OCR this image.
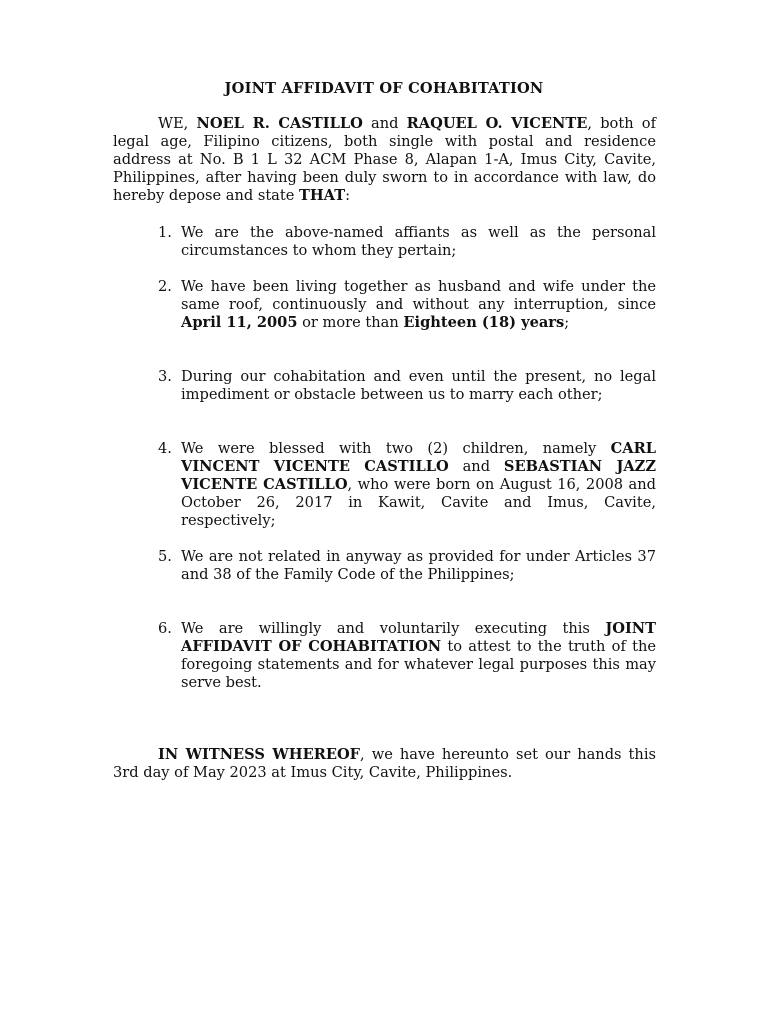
JOINT AFFIDAVIT OF COHABITATION
WE, NOEL R. CASTILLO and RAQUEL O. VICENTE, both of legal age, Filipino citizens, both single with postal and residence address at No. B 1 L 32 ACM Phase 8, Alapan 1-A, Imus City, Cavite, Philippines, after having been duly sworn to in accordance with law, do hereby depose and state THAT:
1. We are the above-named affiants as well as the personal circumstances to whom they pertain;
2. We have been living together as husband and wife under the same roof, continuously and without any interruption, since April 11, 2005 or more than Eighteen (18) years;
3. During our cohabitation and even until the present, no legal impediment or obstacle between us to marry each other;
4. We were blessed with two (2) children, namely CARL VINCENT VICENTE CASTILLO and SEBASTIAN JAZZ VICENTE CASTILLO, who were born on August 16, 2008 and October 26, 2017 in Kawit, Cavite and Imus, Cavite, respectively;
5. We are not related in anyway as provided for under Articles 37 and 38 of the Family Code of the Philippines;
6. We are willingly and voluntarily executing this JOINT AFFIDAVIT OF COHABITATION to attest to the truth of the foregoing statements and for whatever legal purposes this may serve best.
IN WITNESS WHEREOF, we have hereunto set our hands this 3rd day of May 2023 at Imus City, Cavite, Philippines.
